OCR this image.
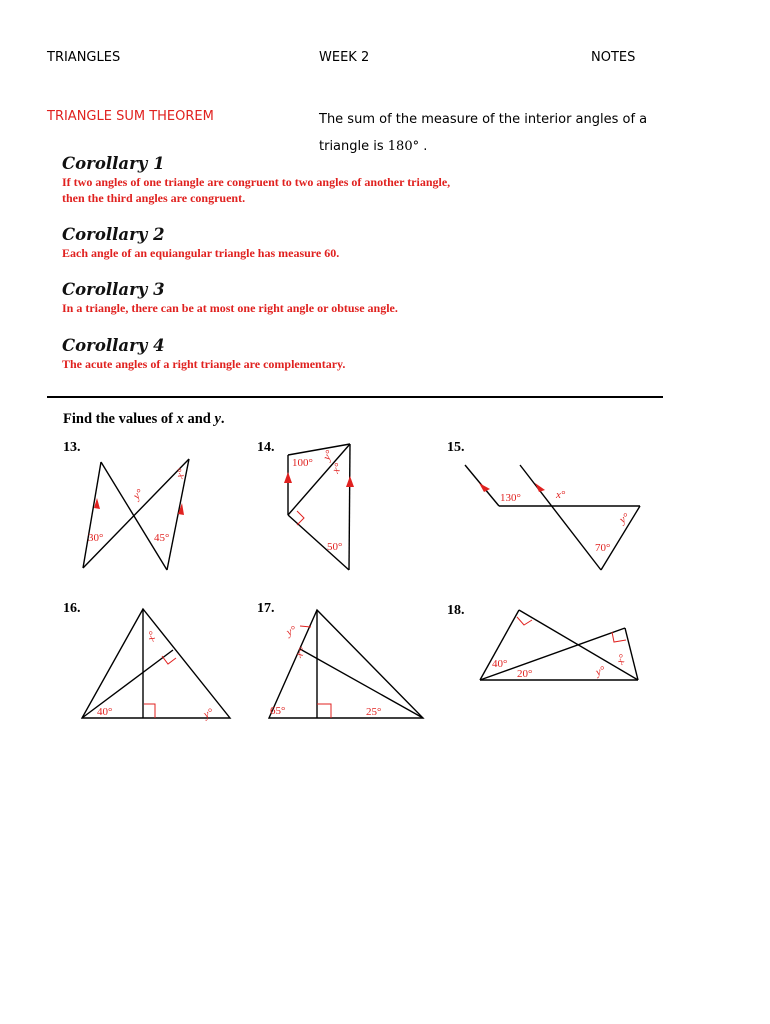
TRIANGLES	WEEK 2	NOTES
TRIANGLE SUM THEOREM	The sum of the measure of the interior angles of a triangle is 180° .
Corollary 1
If two angles of one triangle are congruent to two angles of another triangle,
then the third angles are congruent.
Corollary 2
Each angle of an equiangular triangle has measure 60.
Corollary 3
In a triangle, there can be at most one right angle or obtuse angle.
Corollary 4
The acute angles of a right triangle are complementary.
Find the values of x and y.
13.	14.	15.
16.	17.	18.
30°	45°
x°
y°
100°
y°
x°
50°
130°	x°
y°
70°
40°
x°
y°	65°	25°
y°
x°
40°
20°	y°
x°
